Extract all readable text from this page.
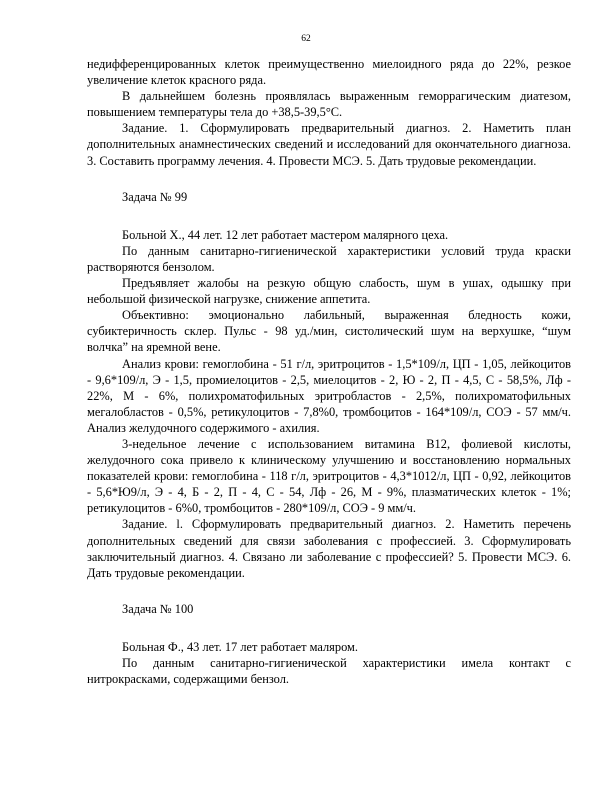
62

недифференцированных клеток преимущественно миелоидного ряда до 22%, резкое увеличение клеток красного ряда.

В дальнейшем болезнь проявлялась выраженным геморрагическим диатезом, повышением температуры тела до +38,5-39,5°С.

Задание. 1. Сформулировать предварительный диагноз. 2. Наметить план дополнительных анамнестических сведений и исследований для окончательного диагноза. 3. Составить программу лечения. 4. Провести МСЭ. 5. Дать трудовые рекомендации.

Задача № 99

Больной Х., 44 лет. 12 лет работает мастером малярного цеха.

По данным санитарно-гигиенической характеристики условий труда краски растворяются бензолом.

Предъявляет жалобы на резкую общую слабость, шум в ушах, одышку при небольшой физической нагрузке, снижение аппетита.

Объективно: эмоционально лабильный, выраженная бледность кожи, субиктеричность склер. Пульс - 98 уд./мин, систолический шум на верхушке, “шум волчка” на яремной вене.

Анализ крови: гемоглобина - 51 г/л, эритроцитов - 1,5*109/л, ЦП - 1,05, лейкоцитов - 9,6*109/л, Э - 1,5, промиелоцитов - 2,5, миелоцитов - 2, Ю - 2, П - 4,5, С - 58,5%, Лф - 22%, М - 6%, полихроматофильных эритробластов - 2,5%, полихроматофильных мегалобластов - 0,5%, ретикулоцитов - 7,8%0, тромбоцитов - 164*109/л, СОЭ - 57 мм/ч. Анализ желудочного содержимого - ахилия.

3-недельное лечение с использованием витамина В12, фолиевой кислоты, желудочного сока привело к клиническому улучшению и восстановлению нормальных показателей крови: гемоглобина - 118 г/л, эритроцитов - 4,3*1012/л, ЦП - 0,92, лейкоцитов - 5,6*Ю9/л, Э - 4, Б - 2, П - 4, С - 54, Лф - 26, М - 9%, плазматических клеток - 1%; ретикулоцитов - 6%0, тромбоцитов - 280*109/л, СОЭ - 9 мм/ч.

Задание. l. Сформулировать предварительный диагноз. 2. Наметить перечень дополнительных сведений для связи заболевания с профессией. 3. Сформулировать заключительный диагноз. 4. Связано ли заболевание с профессией? 5. Провести МСЭ. 6. Дать трудовые рекомендации.

Задача № 100

Больная Ф., 43 лет. 17 лет работает маляром.

По данным санитарно-гигиенической характеристики имела контакт с нитрокрасками, содержащими бензол.
